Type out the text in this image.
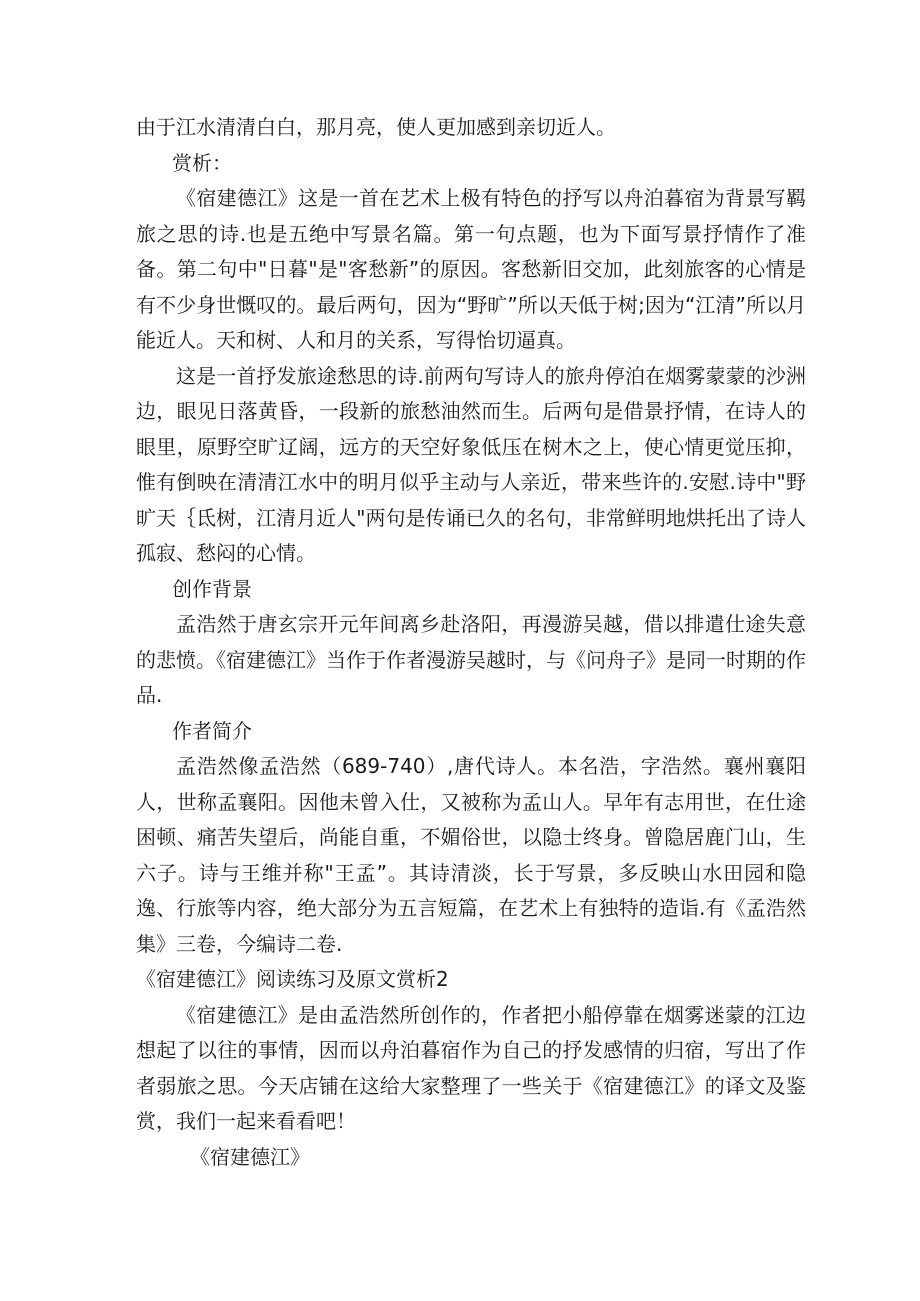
由于江水清清白白，那月亮，使人更加感到亲切近人。

赏析：

《宿建德江》这是一首在艺术上极有特色的抒写以舟泊暮宿为背景写羁旅之思的诗.也是五绝中写景名篇。第一句点题，也为下面写景抒情作了准备。第二句中"日暮"是"客愁新”的原因。客愁新旧交加，此刻旅客的心情是有不少身世慨叹的。最后两句，因为“野旷”所以天低于树;因为“江清”所以月能近人。天和树、人和月的关系，写得怡切逼真。

这是一首抒发旅途愁思的诗.前两句写诗人的旅舟停泊在烟雾蒙蒙的沙洲边，眼见日落黄昏，一段新的旅愁油然而生。后两句是借景抒情，在诗人的眼里，原野空旷辽阔，远方的天空好象低压在树木之上，使心情更觉压抑，惟有倒映在清清江水中的明月似乎主动与人亲近，带来些许的.安慰.诗中"野旷天｛氐树，江清月近人"两句是传诵已久的名句，非常鲜明地烘托出了诗人孤寂、愁闷的心情。

创作背景

孟浩然于唐玄宗开元年间离乡赴洛阳，再漫游吴越，借以排遣仕途失意的悲愤。《宿建德江》当作于作者漫游吴越时，与《问舟子》是同一时期的作品.

作者简介

孟浩然像孟浩然（689-740）,唐代诗人。本名浩，字浩然。襄州襄阳人，世称孟襄阳。因他未曾入仕，又被称为孟山人。早年有志用世，在仕途困顿、痛苦失望后，尚能自重，不媚俗世，以隐士终身。曾隐居鹿门山，生六子。诗与王维并称"王孟”。其诗清淡，长于写景，多反映山水田园和隐逸、行旅等内容，绝大部分为五言短篇，在艺术上有独特的造诣.有《孟浩然集》三卷，今编诗二卷.

《宿建德江》阅读练习及原文赏析2

《宿建德江》是由孟浩然所创作的，作者把小船停靠在烟雾迷蒙的江边想起了以往的事情，因而以舟泊暮宿作为自己的抒发感情的归宿，写出了作者弱旅之思。今天店铺在这给大家整理了一些关于《宿建德江》的译文及鉴赏，我们一起来看看吧！

《宿建德江》
